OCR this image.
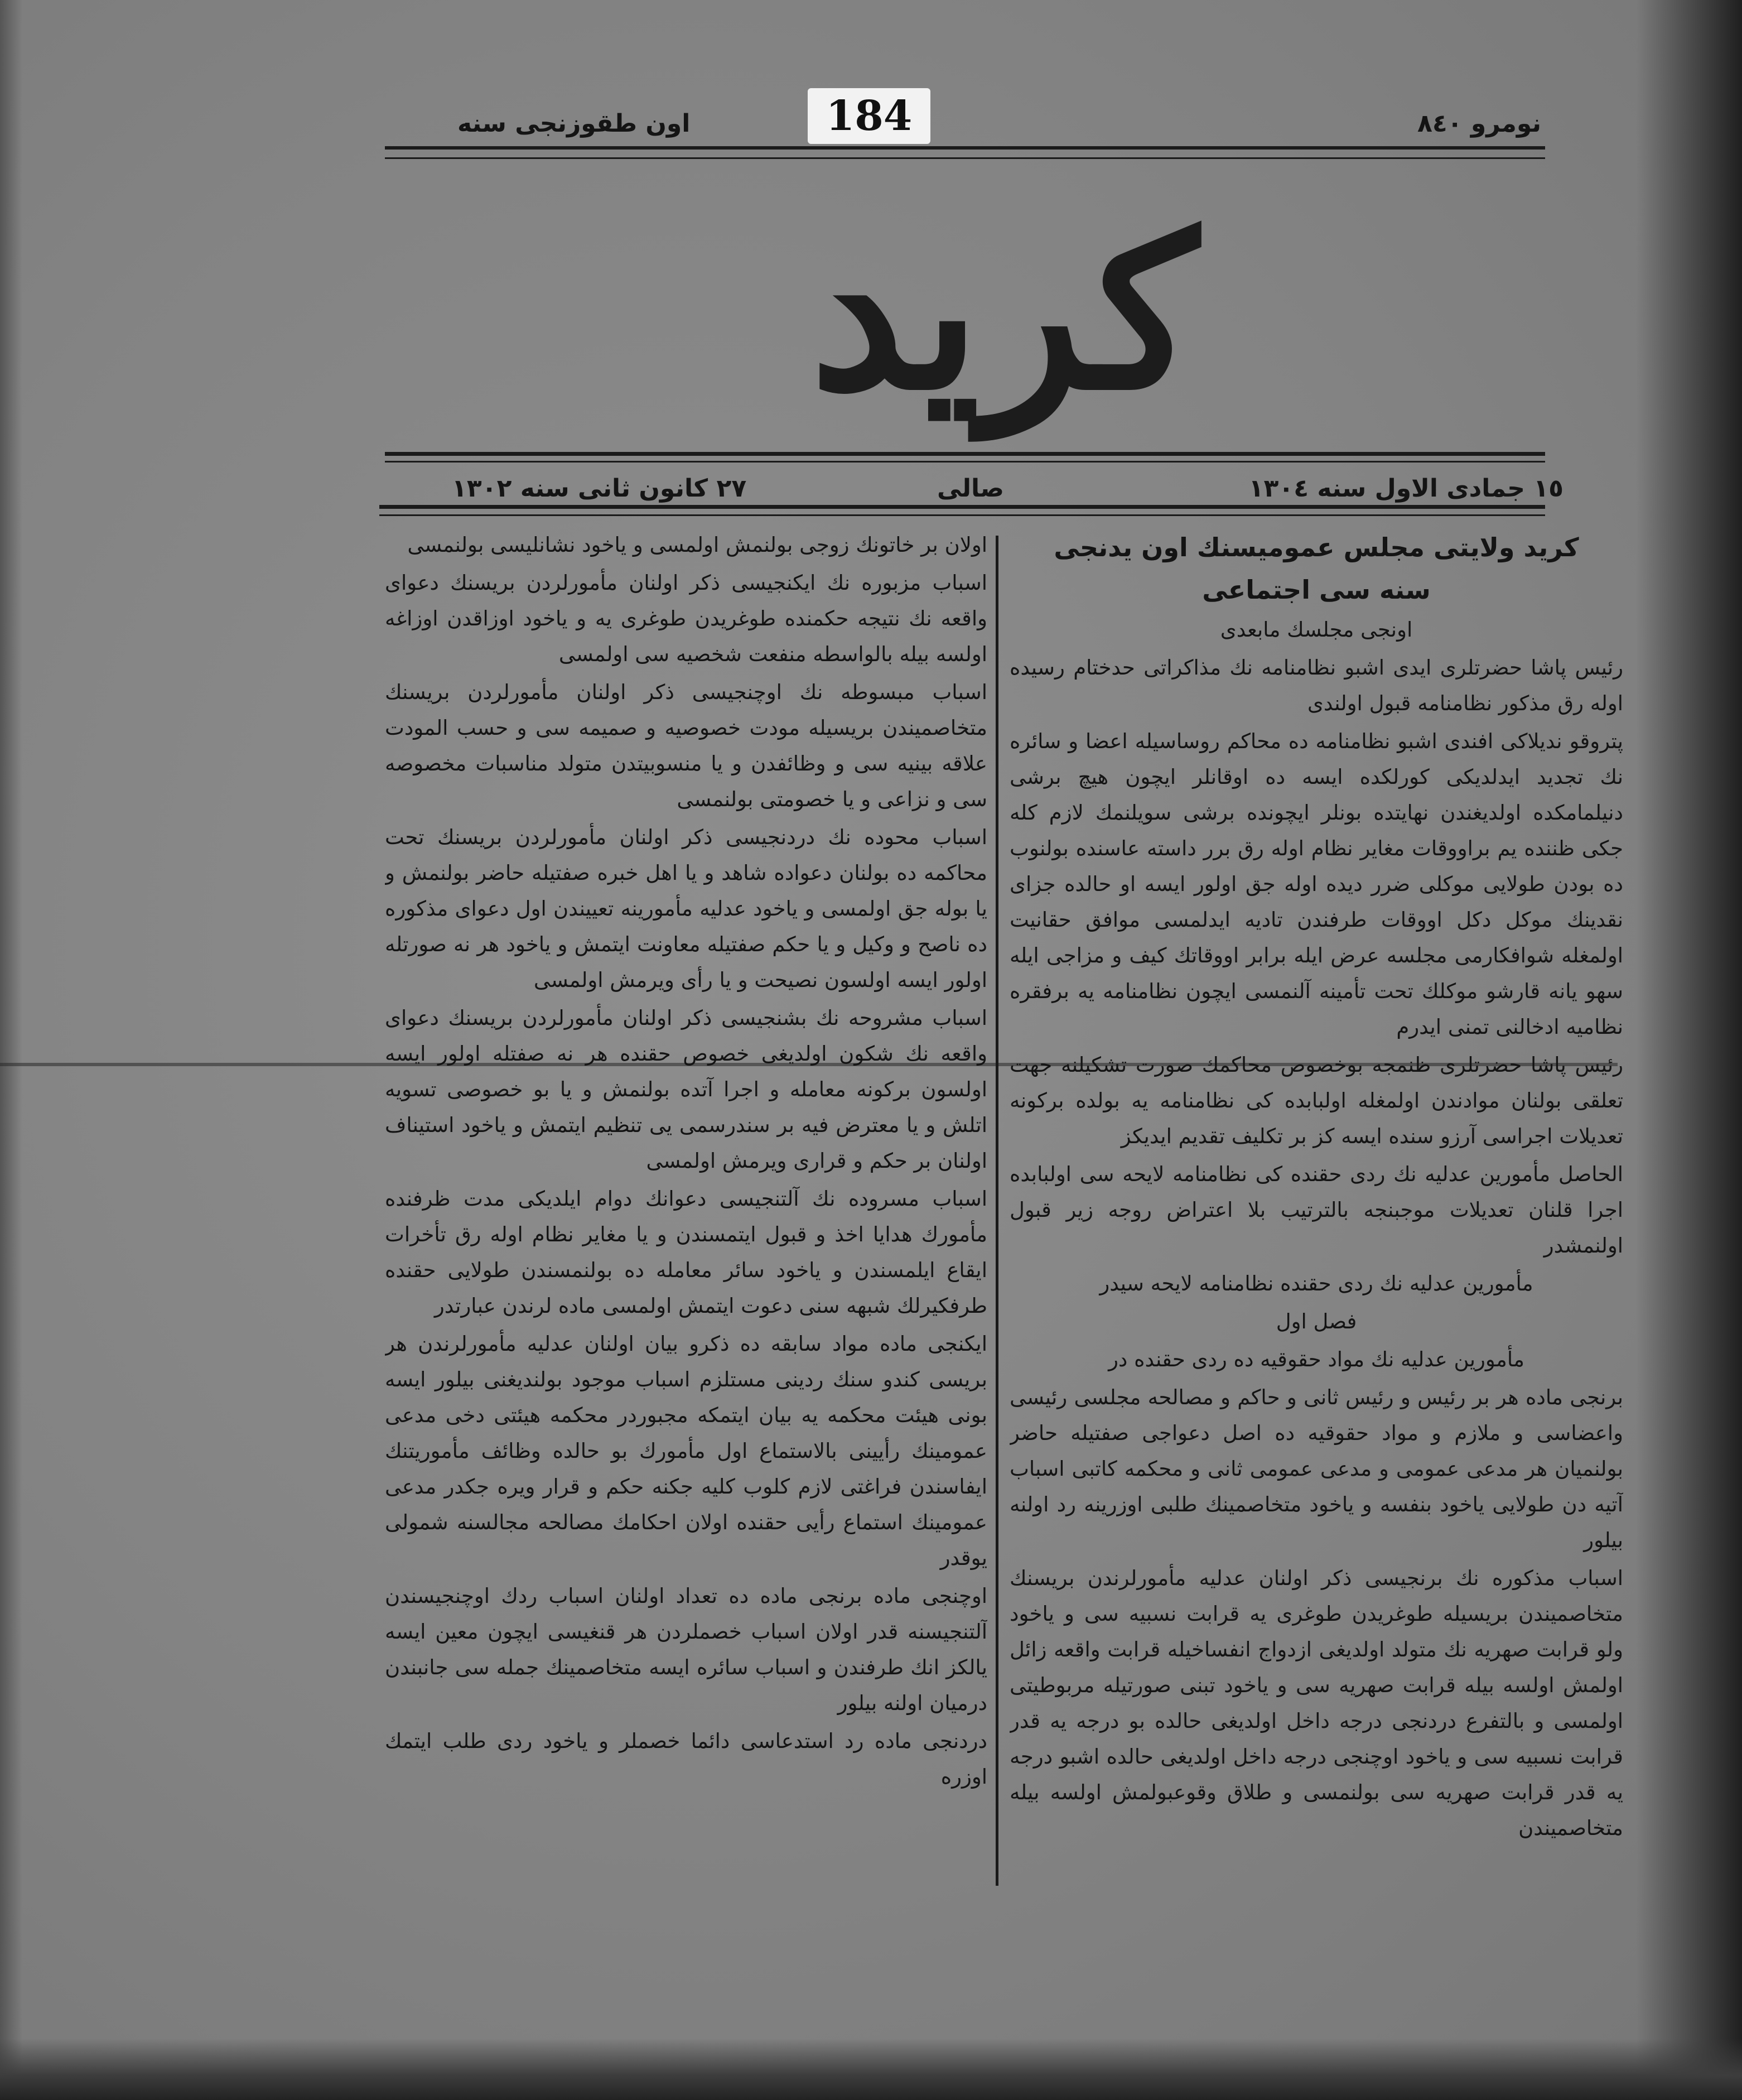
نومرو ٨٤٠
اون طقوزنجی سنه	184
کرید
١٥ جمادی الاول سنه ١٣٠٤
صالی
٢٧ کانون ثانی سنه ١٣٠٢

کرید ولایتی مجلس عمومیسنك اون یدنجی

سنه سی اجتماعی

اونجی مجلسك مابعدی

رئیس پاشا حضرتلری ایدی اشبو نظامنامه نك مذاکراتی حدختام رسیده اوله رق مذکور نظامنامه قبول اولندی

پتروقو ندیلاکی افندی اشبو نظامنامه ده محاکم روساسیله اعضا و سائره نك تجدید ایدلدیکی کورلکده ایسه ده اوقانلر ایچون هیچ برشی دنیلمامکده اولدیغندن نهایتده بونلر ایچونده برشی سویلنمك لازم کله جکی ظننده یم براووقات مغایر نظام اوله رق برر داسته عاسنده بولنوب ده بودن طولایی موکلی ضرر دیده اوله جق اولور ایسه او حالده جزای نقدینك موکل دکل اووقات طرفندن تادیه ایدلمسی موافق حقانیت اولمغله شوافکارمی مجلسه عرض ایله برابر اووقاتك کیف و مزاجی ایله سهو یانه قارشو موکلك تحت تأمینه آلنمسی ایچون نظامنامه یه برفقره نظامیه ادخالنی تمنی ایدرم

رئیس پاشا حضرتلری ظنمجه بوخصوص محاکمك صورت تشکیلنه جهت تعلقی بولنان موادندن اولمغله اولبابده کی نظامنامه یه بولده برکونه تعدیلات اجراسی آرزو سنده ایسه کز بر تکلیف تقدیم ایدیکز

الحاصل مأمورین عدلیه نك ردی حقنده کی نظامنامه لایحه سی اولبابده اجرا قلنان تعدیلات موجبنجه بالترتیب بلا اعتراض روجه زیر قبول اولنمشدر

مأمورین عدلیه نك ردی حقنده نظامنامه لایحه سیدر

فصل اول

مأمورین عدلیه نك مواد حقوقیه ده ردی حقنده در

برنجی ماده هر بر رئیس و رئیس ثانی و حاکم و مصالحه مجلسی رئیسی واعضاسی و ملازم و مواد حقوقیه ده اصل دعواجی صفتیله حاضر بولنمیان هر مدعی عمومی و مدعی عمومی ثانی و محکمه کاتبی اسباب آتیه دن طولایی یاخود بنفسه و یاخود متخاصمینك طلبی اوزرینه رد اولنه بیلور

اسباب مذکوره نك برنجیسی ذکر اولنان عدلیه مأمورلرندن بریسنك متخاصمیندن بریسیله طوغریدن طوغری یه قرابت نسبیه سی و یاخود ولو قرابت صهریه نك متولد اولدیغی ازدواج انفساخیله قرابت واقعه زائل اولمش اولسه بیله قرابت صهریه سی و یاخود تبنی صورتیله مربوطیتی اولمسی و بالتفرع دردنجی درجه داخل اولدیغی حالده بو درجه یه قدر قرابت نسبیه سی و یاخود اوچنجی درجه داخل اولدیغی حالده اشبو درجه یه قدر قرابت صهریه سی بولنمسی و طلاق وقوعبولمش اولسه بیله متخاصمیندن

اولان بر خاتونك زوجی بولنمش اولمسی و یاخود نشانلیسی بولنمسی

اسباب مزبوره نك ایکنجیسی ذکر اولنان مأمورلردن بریسنك دعوای واقعه نك نتیجه حکمنده طوغریدن طوغری یه و یاخود اوزاقدن اوزاغه اولسه بیله بالواسطه منفعت شخصیه سی اولمسی

اسباب مبسوطه نك اوچنجیسی ذکر اولنان مأمورلردن بریسنك متخاصمیندن بریسیله مودت خصوصیه و صمیمه سی و حسب المودت علاقه بینیه سی و وظائفدن و یا منسوبیتدن متولد مناسبات مخصوصه سی و نزاعی و یا خصومتی بولنمسی

اسباب محوده نك دردنجیسی ذکر اولنان مأمورلردن بریسنك تحت محاکمه ده بولنان دعواده شاهد و یا اهل خبره صفتیله حاضر بولنمش و یا بوله جق اولمسی و یاخود عدلیه مأمورینه تعییندن اول دعوای مذکوره ده ناصح و وکیل و یا حکم صفتیله معاونت ایتمش و یاخود هر نه صورتله اولور ایسه اولسون نصیحت و یا رأی ویرمش اولمسی

اسباب مشروحه نك بشنجیسی ذکر اولنان مأمورلردن بریسنك دعوای واقعه نك شکون اولدیغی خصوص حقنده هر نه صفتله اولور ایسه اولسون برکونه معامله و اجرا آتده بولنمش و یا بو خصوصی تسویه اتلش و یا معترض فیه بر سندرسمی یی تنظیم ایتمش و یاخود استیناف اولنان بر حکم و قراری ویرمش اولمسی

اسباب مسروده نك آلتنجیسی دعوانك دوام ایلدیکی مدت ظرفنده مأمورك هدایا اخذ و قبول ایتمسندن و یا مغایر نظام اوله رق تأخرات ایقاع ایلمسندن و یاخود سائر معامله ده بولنمسندن طولایی حقنده طرفکیرلك شبهه سنی دعوت ایتمش اولمسی ماده لرندن عبارتدر

ایکنجی ماده مواد سابقه ده ذکرو بیان اولنان عدلیه مأمورلرندن هر بریسی کندو سنك ردینی مستلزم اسباب موجود بولندیغنی بیلور ایسه بونی هیئت محکمه یه بیان ایتمکه مجبوردر محکمه هیئتی دخی مدعی عمومینك رأیینی بالاستماع اول مأمورك بو حالده وظائف مأموریتنك ایفاسندن فراغتی لازم کلوب کلیه جکنه حکم و قرار ویره جکدر مدعی عمومینك استماع رأیی حقنده اولان احکامك مصالحه مجالسنه شمولی یوقدر

اوچنجی ماده برنجی ماده ده تعداد اولنان اسباب ردك اوچنجیسندن آلتنجیسنه قدر اولان اسباب خصملردن هر قنغیسی ایچون معین ایسه یالکز انك طرفندن و اسباب سائره ایسه متخاصمینك جمله سی جانبندن درمیان اولنه بیلور

دردنجی ماده رد استدعاسی دائما خصملر و یاخود ردی طلب ایتمك اوزره
